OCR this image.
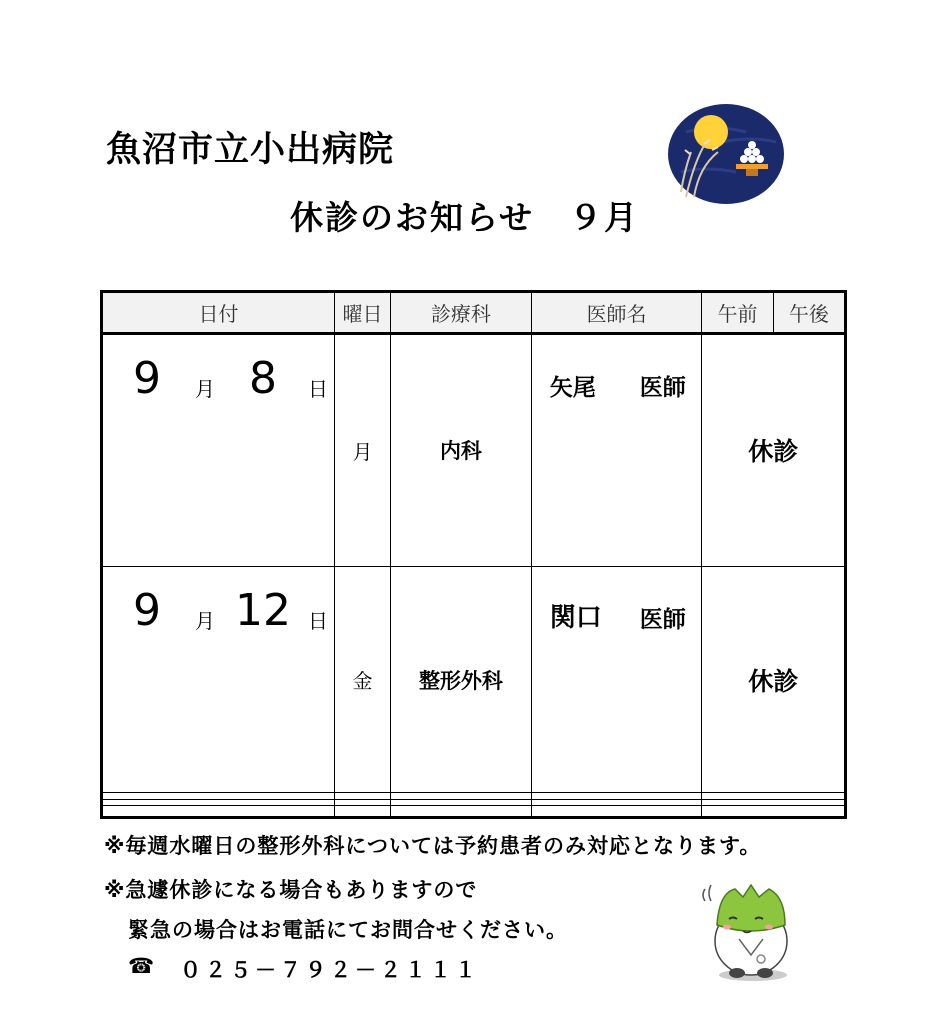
魚沼市立小出病院
休診のお知らせ　９月
日付	曜日	診療科	医師名	午前 午後

9 月 8 日	月	内科	矢尾 医師	休診

9 月 12 日	金	整形外科	関口 医師	休診

※毎週水曜日の整形外科については予約患者のみ対応となります。
※急遽休診になる場合もありますので
緊急の場合はお電話にてお問合せください。
☎ ０２５－７９２－２１１１
